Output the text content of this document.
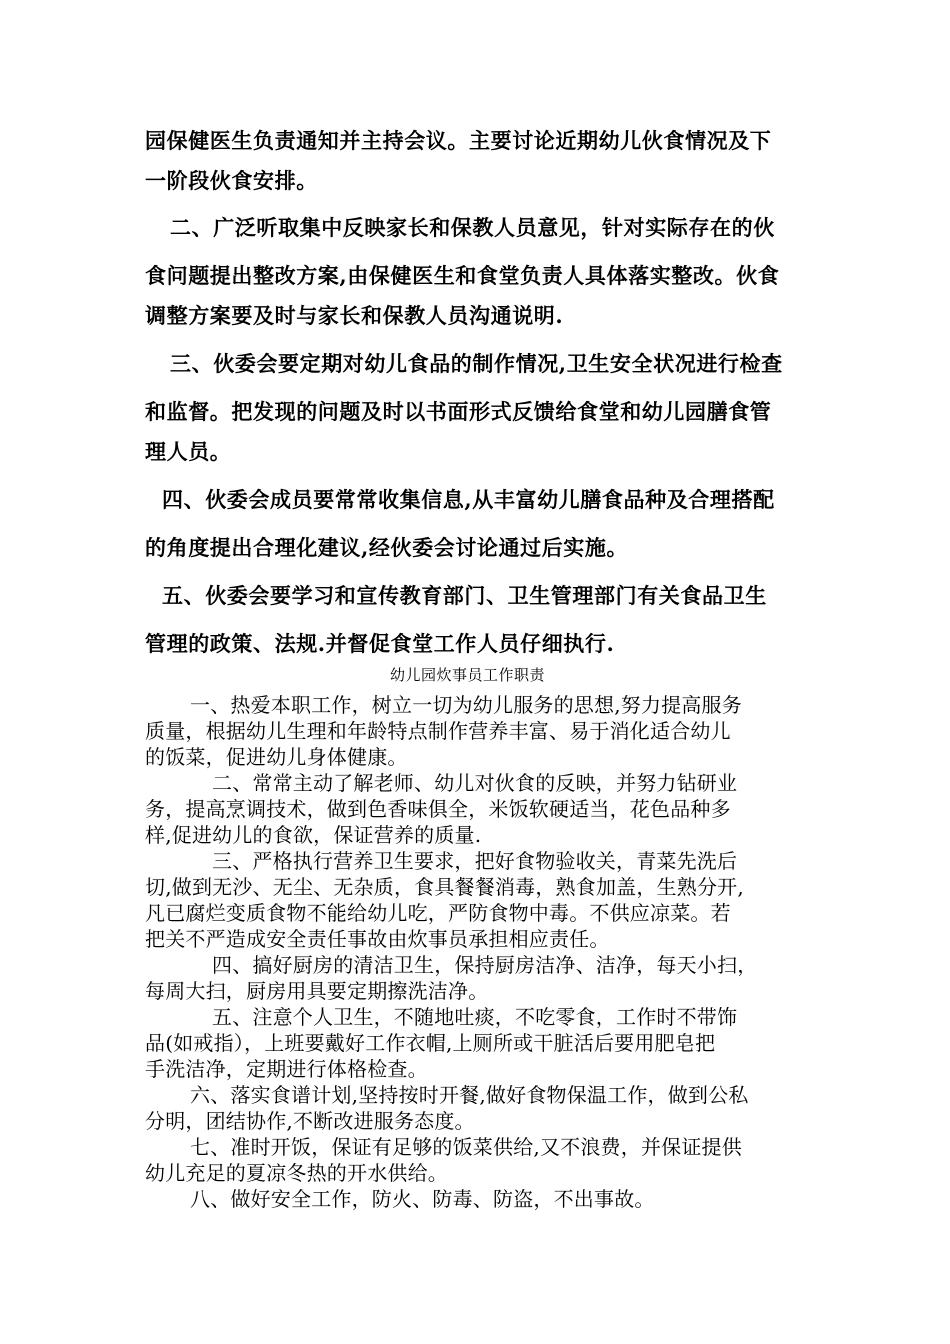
园保健医生负责通知并主持会议。主要讨论近期幼儿伙食情况及下

一阶段伙食安排。

二、广泛听取集中反映家长和保教人员意见，针对实际存在的伙

食问题提出整改方案,由保健医生和食堂负责人具体落实整改。伙食

调整方案要及时与家长和保教人员沟通说明.

三、伙委会要定期对幼儿食品的制作情况,卫生安全状况进行检查

和监督。把发现的问题及时以书面形式反馈给食堂和幼儿园膳食管

理人员。

四、伙委会成员要常常收集信息,从丰富幼儿膳食品种及合理搭配

的角度提出合理化建议,经伙委会讨论通过后实施。

五、伙委会要学习和宣传教育部门、卫生管理部门有关食品卫生

管理的政策、法规.并督促食堂工作人员仔细执行.

幼儿园炊事员工作职责

一、热爱本职工作，树立一切为幼儿服务的思想,努力提高服务

质量，根据幼儿生理和年龄特点制作营养丰富、易于消化适合幼儿

的饭菜，促进幼儿身体健康。

二、常常主动了解老师、幼儿对伙食的反映，并努力钻研业

务，提高烹调技术，做到色香味俱全，米饭软硬适当，花色品种多

样,促进幼儿的食欲，保证营养的质量.

三、严格执行营养卫生要求，把好食物验收关，青菜先洗后

切,做到无沙、无尘、无杂质，食具餐餐消毒，熟食加盖，生熟分开,

凡已腐烂变质食物不能给幼儿吃，严防食物中毒。不供应凉菜。若

把关不严造成安全责任事故由炊事员承担相应责任。

四、搞好厨房的清洁卫生，保持厨房洁净、洁净，每天小扫，

每周大扫，厨房用具要定期擦洗洁净。

五、注意个人卫生，不随地吐痰，不吃零食，工作时不带饰

品(如戒指），上班要戴好工作衣帽,上厕所或干脏活后要用肥皂把

手洗洁净，定期进行体格检查。

六、落实食谱计划,坚持按时开餐,做好食物保温工作，做到公私

分明，团结协作,不断改进服务态度。

七、准时开饭，保证有足够的饭菜供给,又不浪费，并保证提供

幼儿充足的夏凉冬热的开水供给。

八、做好安全工作，防火、防毒、防盗，不出事故。
